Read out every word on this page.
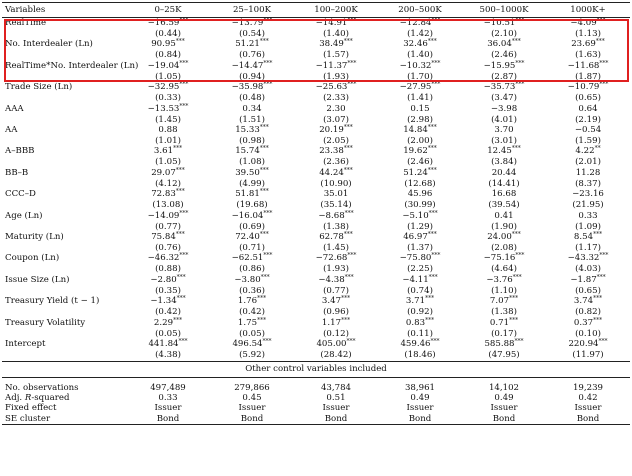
Variables	0–25K	25–100K	100–200K	200–500K	500–1000K	1000K+
RealTime	−16.59***	−13.79***	−14.91***	−12.84***	−10.51***	−4.09***
	(0.44)	(0.54)	(1.40)	(1.42)	(2.10)	(1.13)
No. Interdealer (Ln)	90.95***	51.21***	38.49***	32.46***	36.04***	23.69***
	(0.84)	(0.76)	(1.57)	(1.40)	(2.46)	(1.63)
RealTime*No. Interdealer (Ln)	−19.04***	−14.47***	−11.37***	−10.32***	−15.95***	−11.68***
	(1.05)	(0.94)	(1.93)	(1.70)	(2.87)	(1.87)
Trade Size (Ln)	−32.95***	−35.98***	−25.63***	−27.95***	−35.73***	−10.79***
	(0.33)	(0.48)	(2.33)	(1.41)	(3.47)	(0.65)
AAA	−13.53***	0.34	2.30	0.15	−3.98	0.64
	(1.45)	(1.51)	(3.07)	(2.98)	(4.01)	(2.19)
AA	0.88	15.33***	20.19***	14.84***	3.70	−0.54
	(1.01)	(0.98)	(2.05)	(2.00)	(3.01)	(1.59)
A–BBB	3.61***	15.74***	23.38***	19.62***	12.45***	4.22**
	(1.05)	(1.08)	(2.36)	(2.46)	(3.84)	(2.01)
BB–B	29.07***	39.50***	44.24***	51.24***	20.44	11.28
	(4.12)	(4.99)	(10.90)	(12.68)	(14.41)	(8.37)
CCC–D	72.83***	51.81***	35.01	45.96	16.68	−23.16
	(13.08)	(19.68)	(35.14)	(30.99)	(39.54)	(21.95)
Age (Ln)	−14.09***	−16.04***	−8.68***	−5.10***	0.41	0.33
	(0.77)	(0.69)	(1.38)	(1.29)	(1.90)	(1.09)
Maturity (Ln)	75.84***	72.40***	62.78***	46.97***	24.00***	8.54***
	(0.76)	(0.71)	(1.45)	(1.37)	(2.08)	(1.17)
Coupon (Ln)	−46.32***	−62.51***	−72.68***	−75.80***	−75.16***	−43.32***
	(0.88)	(0.86)	(1.93)	(2.25)	(4.64)	(4.03)
Issue Size (Ln)	−2.80***	−3.80***	−4.38***	−4.11***	−3.76***	−1.87***
	(0.35)	(0.36)	(0.77)	(0.74)	(1.10)	(0.65)
Treasury Yield (t − 1)	−1.34***	1.76***	3.47***	3.71***	7.07***	3.74***
	(0.42)	(0.42)	(0.96)	(0.92)	(1.38)	(0.82)
Treasury Volatility	2.29***	1.75***	1.17***	0.83***	0.71***	0.37***
	(0.05)	(0.05)	(0.12)	(0.11)	(0.17)	(0.10)
Intercept	441.84***	496.54***	405.00***	459.46***	585.88***	220.94***
	(4.38)	(5.92)	(28.42)	(18.46)	(47.95)	(11.97)
Other control variables included						

No. observations	497,489	279,866	43,784	38,961	14,102	19,239
Adj. R-squared	0.33	0.45	0.51	0.49	0.49	0.42
Fixed effect	Issuer	Issuer	Issuer	Issuer	Issuer	Issuer
SE cluster	Bond	Bond	Bond	Bond	Bond	Bond
